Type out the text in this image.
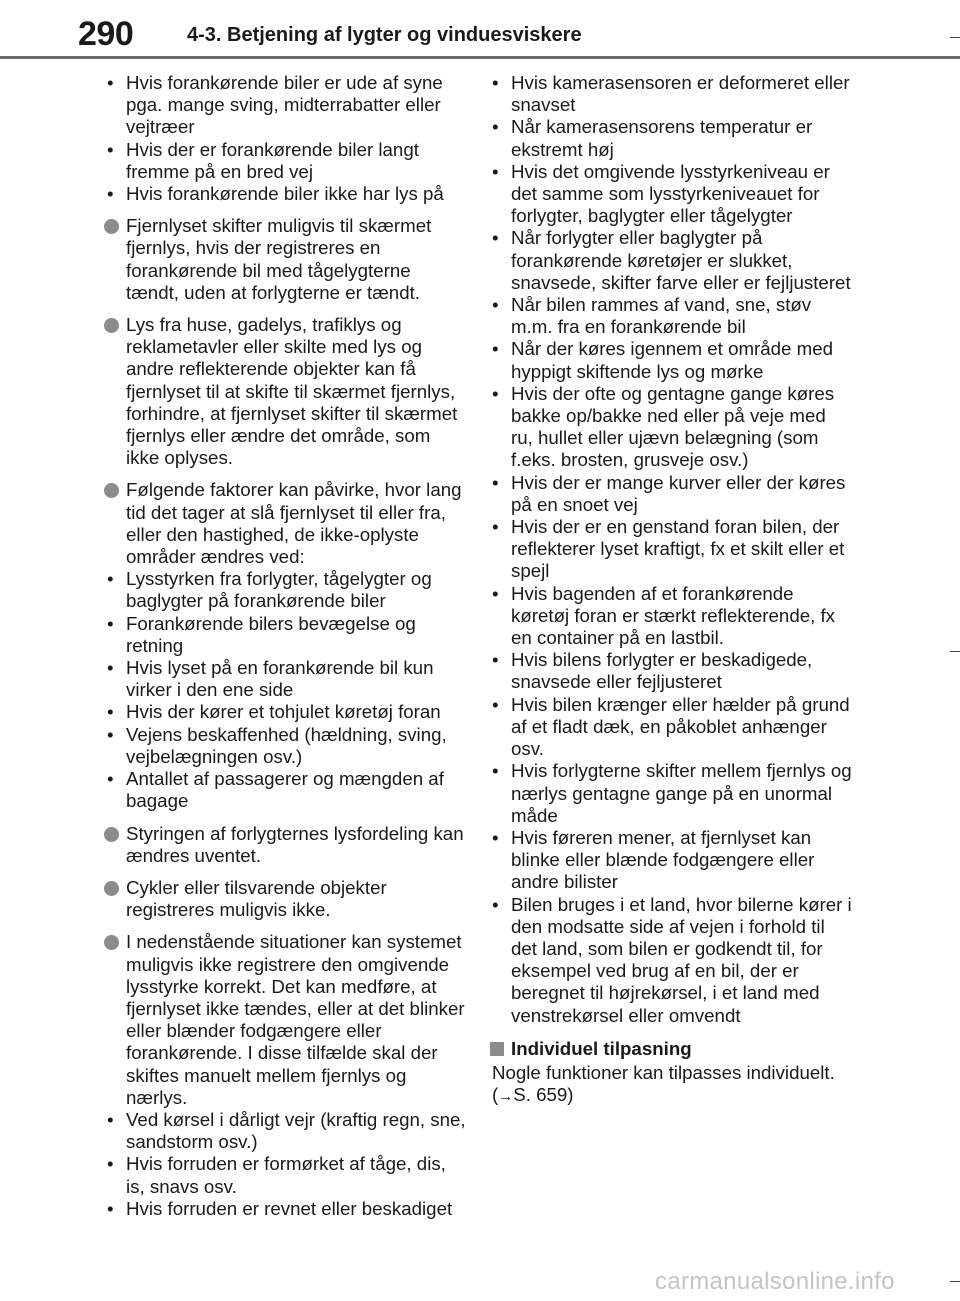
290	4-3. Betjening af lygter og vinduesviskere
• Hvis forankørende biler er ude af syne pga. mange sving, midterrabatter eller vejtræer
• Hvis der er forankørende biler langt fremme på en bred vej
• Hvis forankørende biler ikke har lys på
Fjernlyset skifter muligvis til skærmet fjernlys, hvis der registreres en forankørende bil med tågelygterne tændt, uden at forlygterne er tændt.
Lys fra huse, gadelys, trafiklys og reklametavler eller skilte med lys og andre reflekterende objekter kan få fjernlyset til at skifte til skærmet fjernlys, forhindre, at fjernlyset skifter til skærmet fjernlys eller ændre det område, som ikke oplyses.
Følgende faktorer kan påvirke, hvor lang tid det tager at slå fjernlyset til eller fra, eller den hastighed, de ikke-oplyste områder ændres ved:
• Lysstyrken fra forlygter, tågelygter og baglygter på forankørende biler
• Forankørende bilers bevægelse og retning
• Hvis lyset på en forankørende bil kun virker i den ene side
• Hvis der kører et tohjulet køretøj foran
• Vejens beskaffenhed (hældning, sving, vejbelægningen osv.)
• Antallet af passagerer og mængden af bagage
Styringen af forlygternes lysfordeling kan ændres uventet.
Cykler eller tilsvarende objekter registreres muligvis ikke.
I nedenstående situationer kan systemet muligvis ikke registrere den omgivende lysstyrke korrekt. Det kan medføre, at fjernlyset ikke tændes, eller at det blinker eller blænder fodgængere eller forankørende. I disse tilfælde skal der skiftes manuelt mellem fjernlys og nærlys.
• Ved kørsel i dårligt vejr (kraftig regn, sne, sandstorm osv.)
• Hvis forruden er formørket af tåge, dis, is, snavs osv.
• Hvis forruden er revnet eller beskadiget
• Hvis kamerasensoren er deformeret eller snavset
• Når kamerasensorens temperatur er ekstremt høj
• Hvis det omgivende lysstyrkeniveau er det samme som lysstyrkeniveauet for forlygter, baglygter eller tågelygter
• Når forlygter eller baglygter på forankørende køretøjer er slukket, snavsede, skifter farve eller er fejljusteret
• Når bilen rammes af vand, sne, støv m.m. fra en forankørende bil
• Når der køres igennem et område med hyppigt skiftende lys og mørke
• Hvis der ofte og gentagne gange køres bakke op/bakke ned eller på veje med ru, hullet eller ujævn belægning (som f.eks. brosten, grusveje osv.)
• Hvis der er mange kurver eller der køres på en snoet vej
• Hvis der er en genstand foran bilen, der reflekterer lyset kraftigt, fx et skilt eller et spejl
• Hvis bagenden af et forankørende køretøj foran er stærkt reflekterende, fx en container på en lastbil.
• Hvis bilens forlygter er beskadigede, snavsede eller fejljusteret
• Hvis bilen krænger eller hælder på grund af et fladt dæk, en påkoblet anhænger osv.
• Hvis forlygterne skifter mellem fjernlys og nærlys gentagne gange på en unormal måde
• Hvis føreren mener, at fjernlyset kan blinke eller blænde fodgængere eller andre bilister
• Bilen bruges i et land, hvor bilerne kører i den modsatte side af vejen i forhold til det land, som bilen er godkendt til, for eksempel ved brug af en bil, der er beregnet til højrekørsel, i et land med venstrekørsel eller omvendt
Individuel tilpasning
Nogle funktioner kan tilpasses individuelt. (→S. 659)
carmanualsonline.info
